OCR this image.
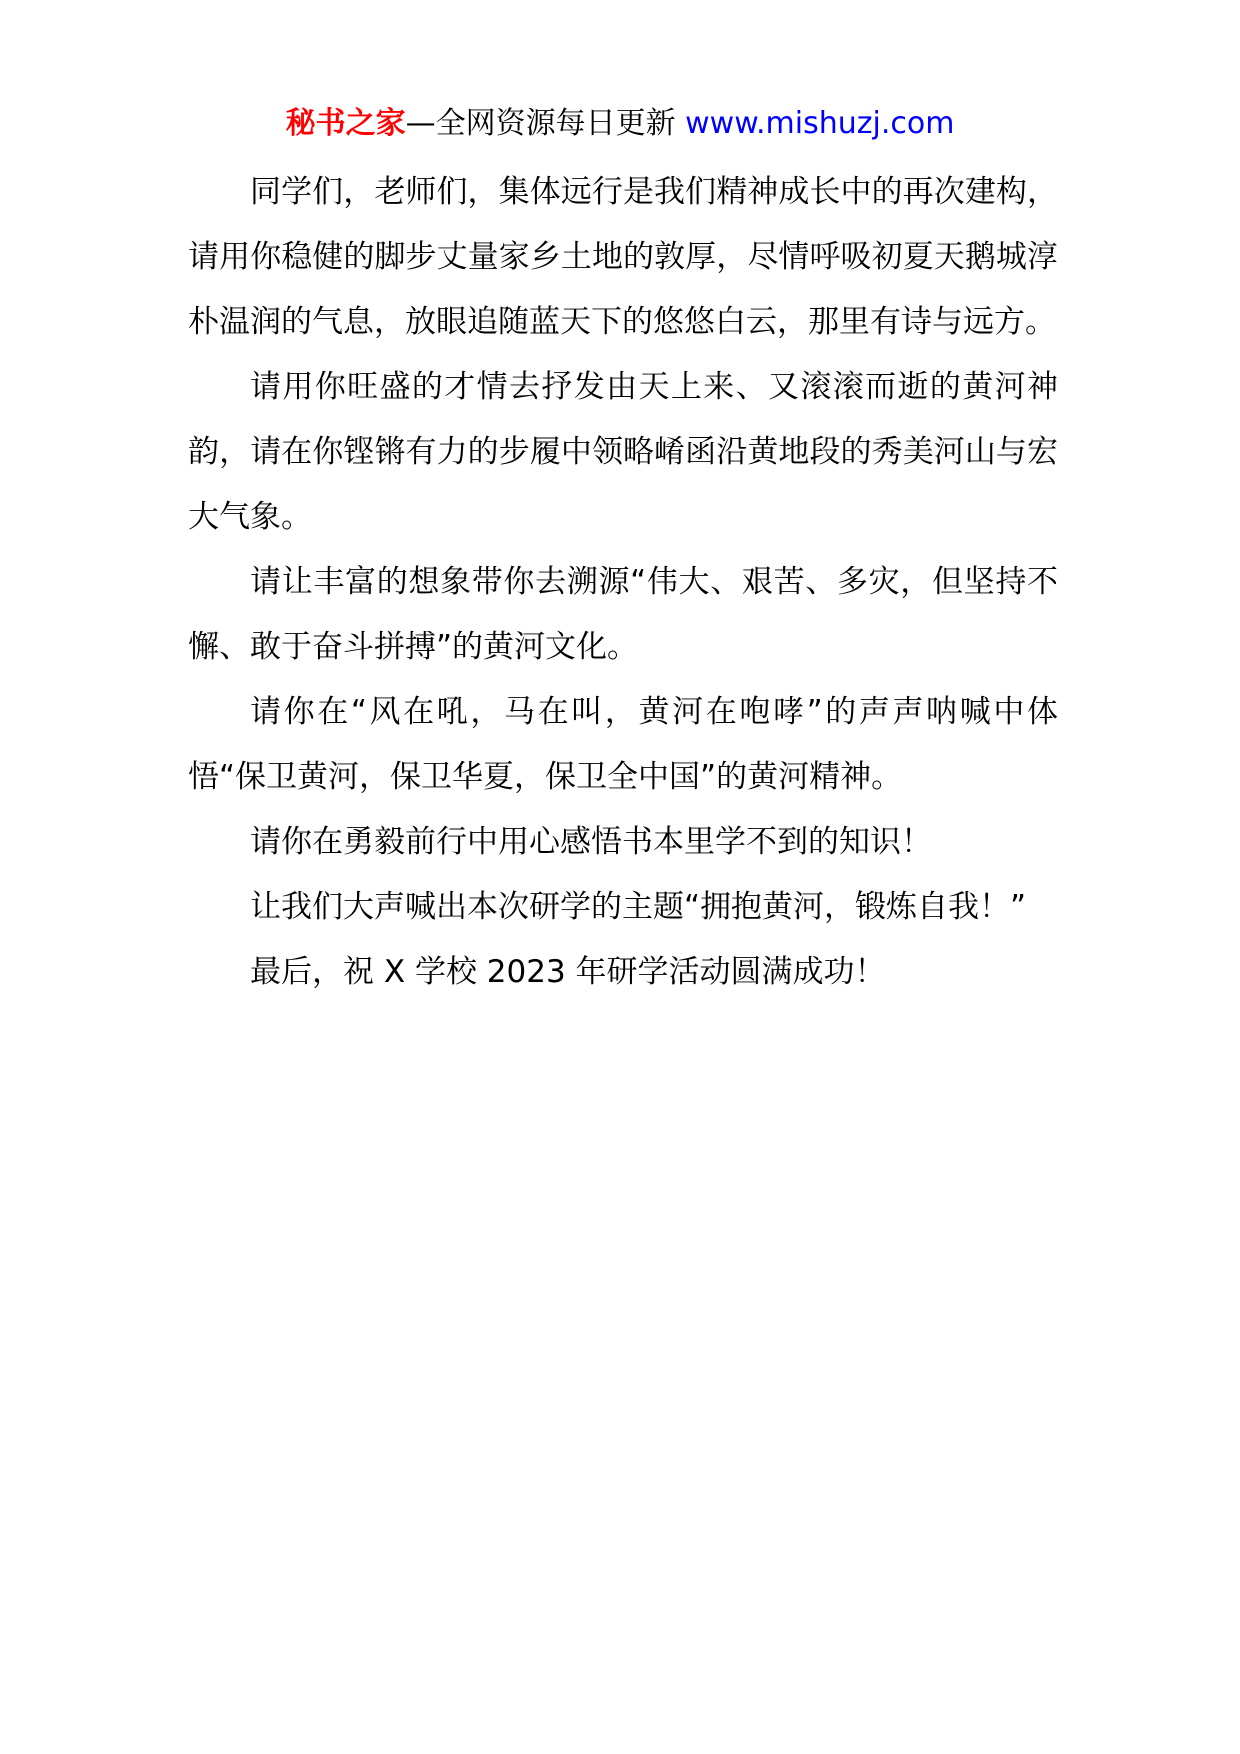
秘书之家—全网资源每日更新 www.mishuzj.com

同学们，老师们，集体远行是我们精神成长中的再次建构，请用你稳健的脚步丈量家乡土地的敦厚，尽情呼吸初夏天鹅城淳朴温润的气息，放眼追随蓝天下的悠悠白云，那里有诗与远方。

请用你旺盛的才情去抒发由天上来、又滚滚而逝的黄河神韵，请在你铿锵有力的步履中领略崤函沿黄地段的秀美河山与宏大气象。

请让丰富的想象带你去溯源“伟大、艰苦、多灾，但坚持不懈、敢于奋斗拼搏”的黄河文化。

请你在“风在吼，马在叫，黄河在咆哮”的声声呐喊中体悟“保卫黄河，保卫华夏，保卫全中国”的黄河精神。

请你在勇毅前行中用心感悟书本里学不到的知识！

让我们大声喊出本次研学的主题“拥抱黄河，锻炼自我！”

最后，祝 X 学校 2023 年研学活动圆满成功！
